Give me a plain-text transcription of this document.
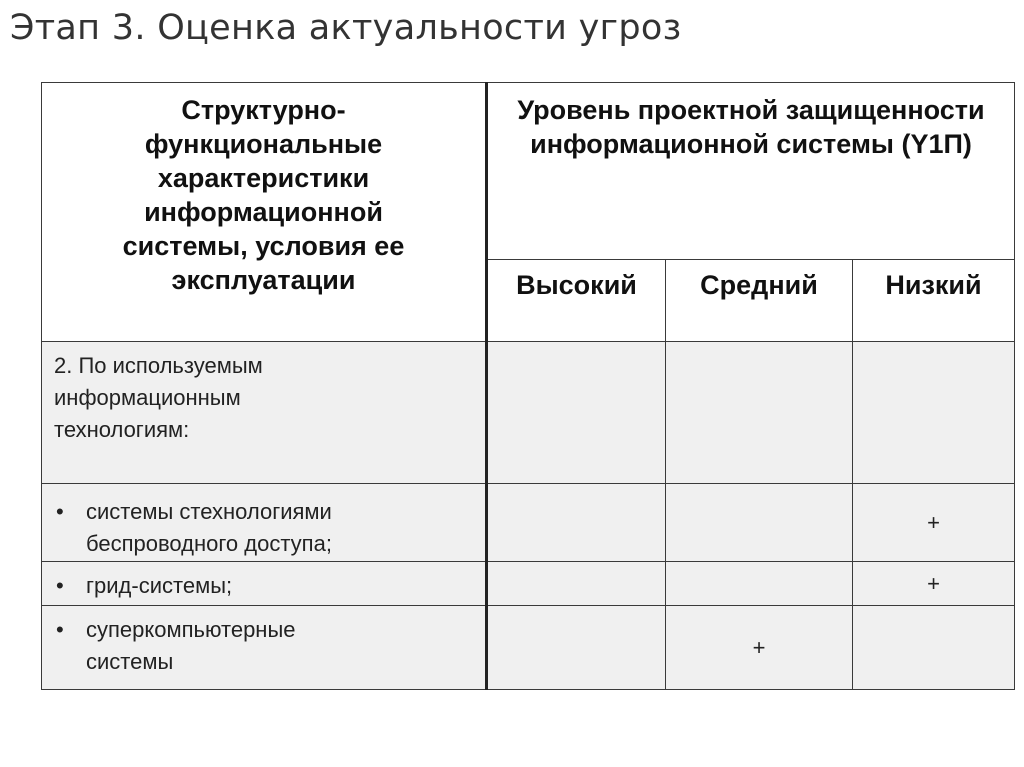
Этап 3. Оценка актуальности угроз
Структурно-функциональные характеристики информационной системы, условия ее эксплуатации	Уровень проектной защищенности информационной системы (Y1П)		

	Высокий	Средний	Низкий

2. По используемым информационным технологиям:			

• системы стехнологиями беспроводного доступа;			+

• грид-системы;			+

• суперкомпьютерные системы		+	
